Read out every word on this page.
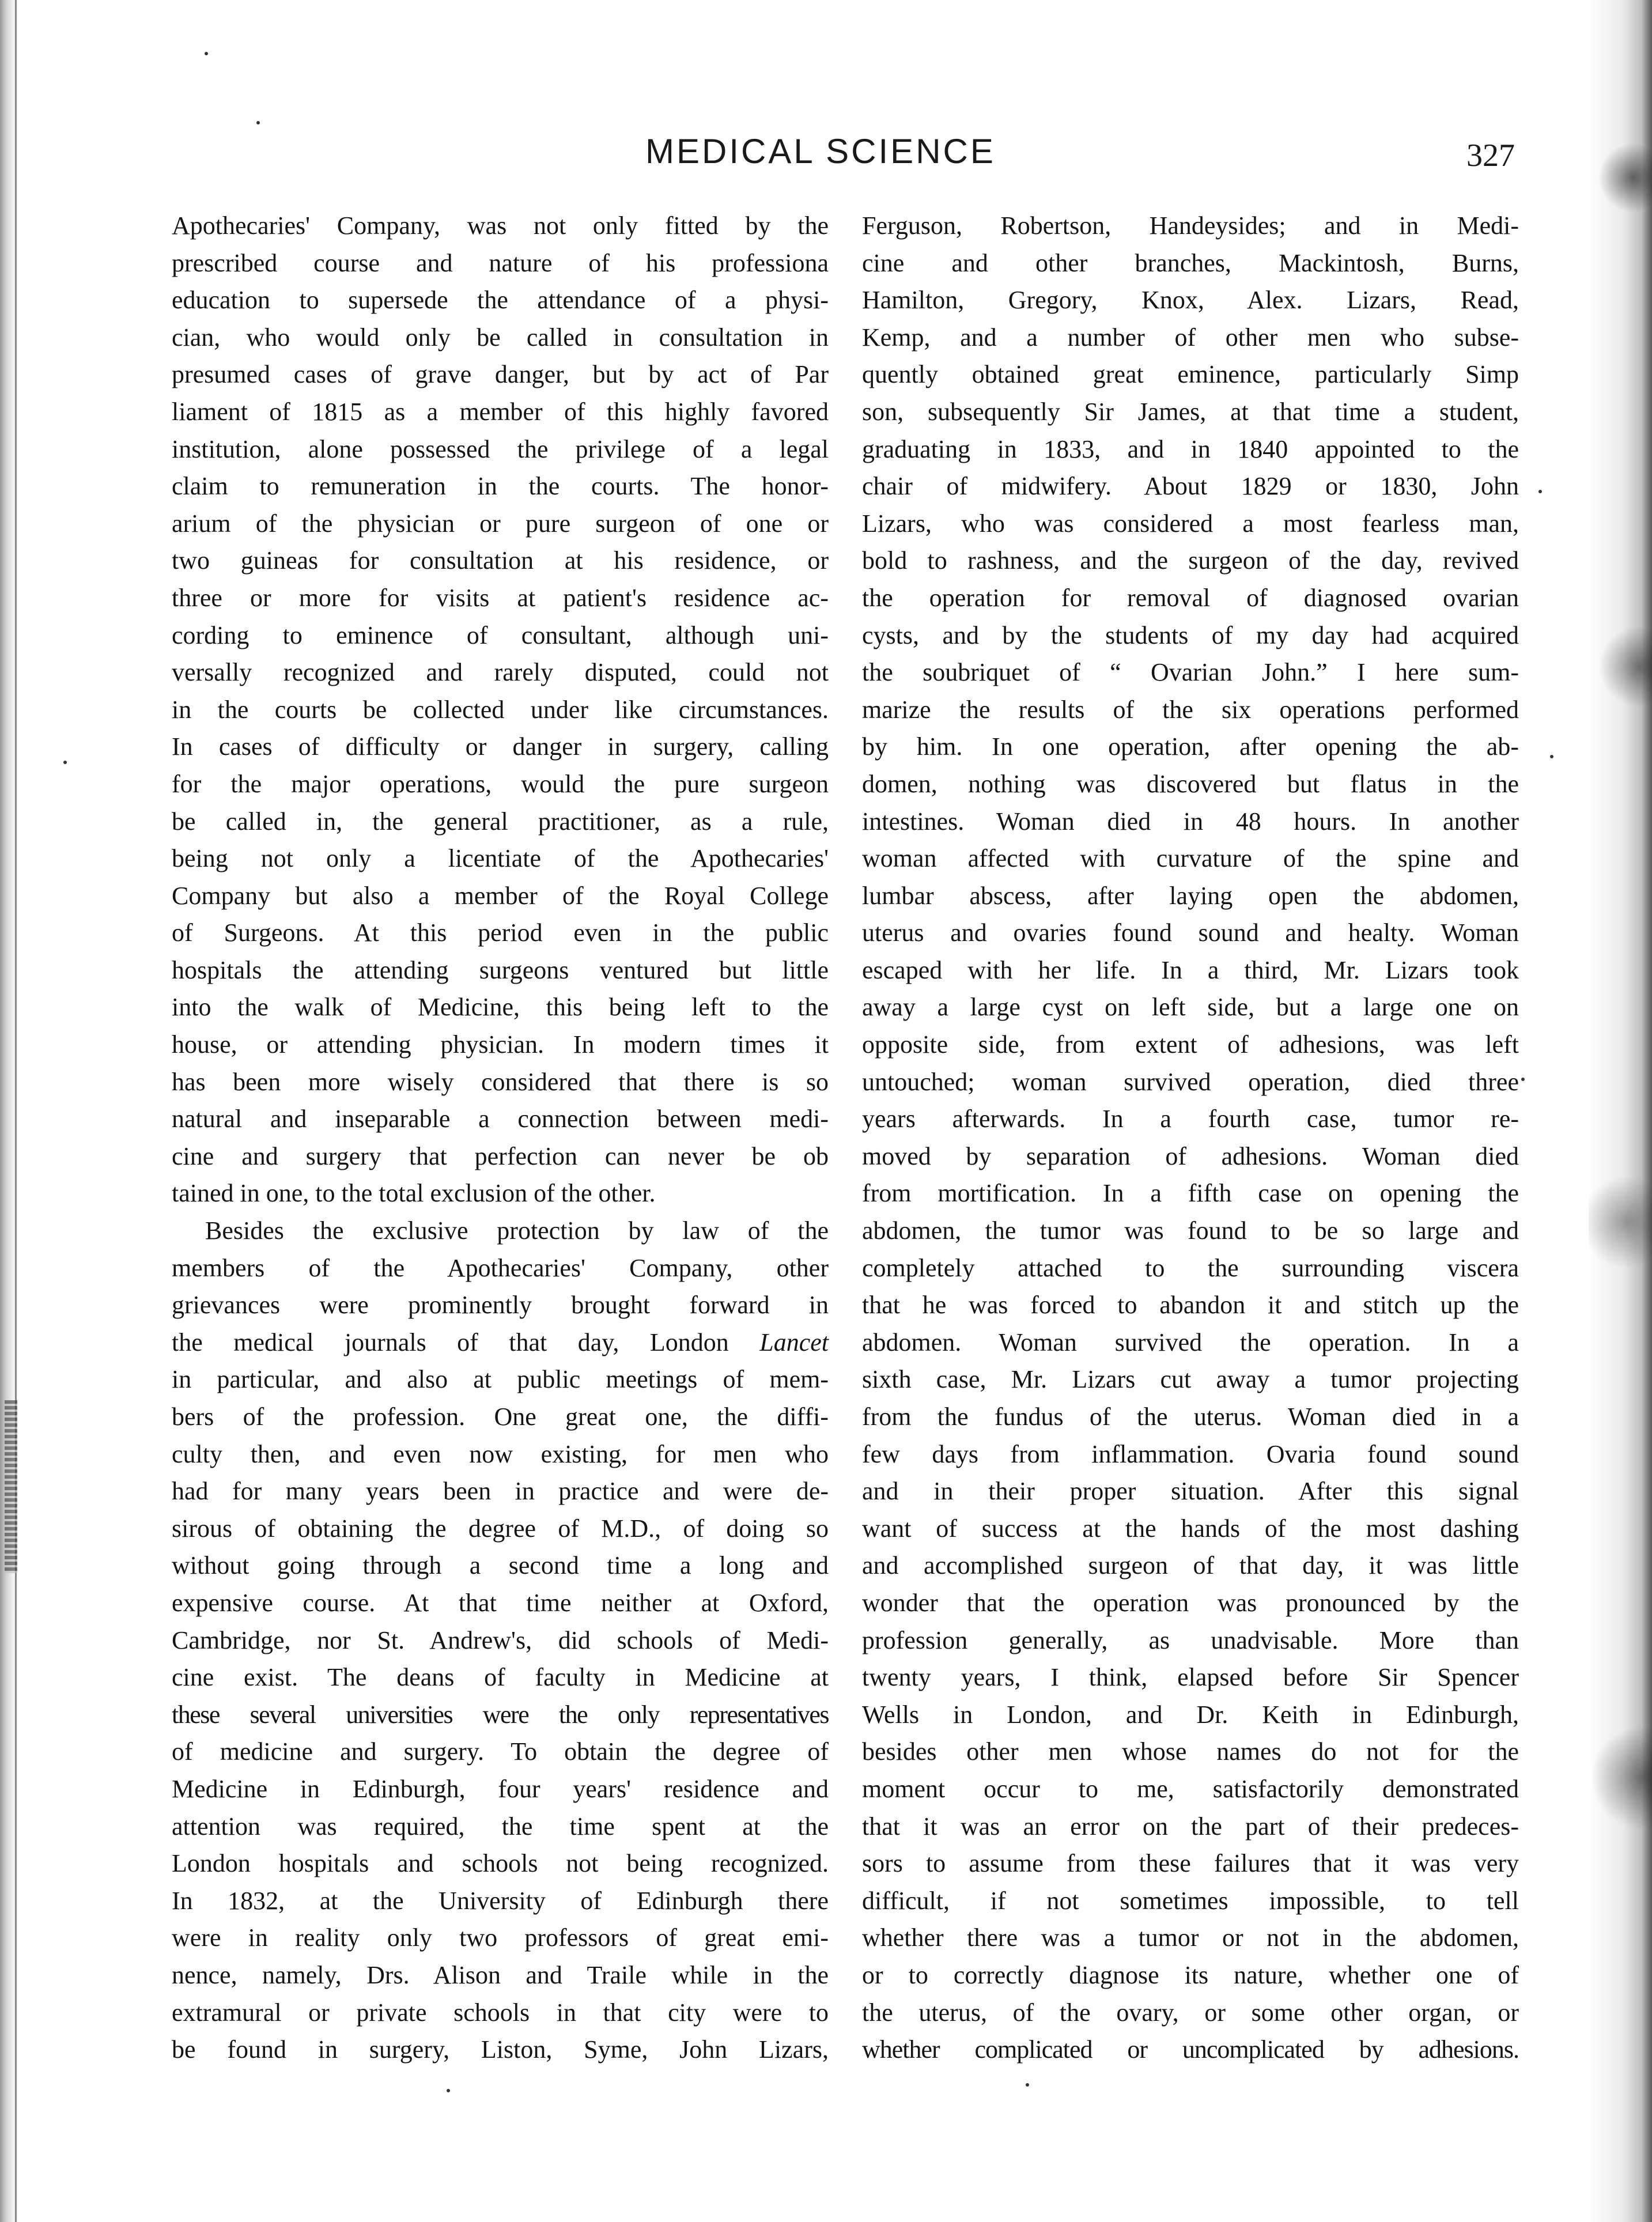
MEDICAL SCIENCE	327
Apothecaries' Company, was not only fitted by the
prescribed course and nature of his professiona
education to supersede the attendance of a physi-
cian, who would only be called in consultation in
presumed cases of grave danger, but by act of Par
liament of 1815 as a member of this highly favored
institution, alone possessed the privilege of a legal
claim to remuneration in the courts. The honor-
arium of the physician or pure surgeon of one or
two guineas for consultation at his residence, or
three or more for visits at patient's residence ac-
cording to eminence of consultant, although uni-
versally recognized and rarely disputed, could not
in the courts be collected under like circumstances.
In cases of difficulty or danger in surgery, calling
for the major operations, would the pure surgeon
be called in, the general practitioner, as a rule,
being not only a licentiate of the Apothecaries'
Company but also a member of the Royal College
of Surgeons. At this period even in the public
hospitals the attending surgeons ventured but little
into the walk of Medicine, this being left to the
house, or attending physician. In modern times it
has been more wisely considered that there is so
natural and inseparable a connection between medi-
cine and surgery that perfection can never be ob
tained in one, to the total exclusion of the other.
Besides the exclusive protection by law of the
members of the Apothecaries' Company, other
grievances were prominently brought forward in
the medical journals of that day, London Lancet
in particular, and also at public meetings of mem-
bers of the profession. One great one, the diffi-
culty then, and even now existing, for men who
had for many years been in practice and were de-
sirous of obtaining the degree of M.D., of doing so
without going through a second time a long and
expensive course. At that time neither at Oxford,
Cambridge, nor St. Andrew's, did schools of Medi-
cine exist. The deans of faculty in Medicine at
these several universities were the only representatives
of medicine and surgery. To obtain the degree of
Medicine in Edinburgh, four years' residence and
attention was required, the time spent at the
London hospitals and schools not being recognized.
In 1832, at the University of Edinburgh there
were in reality only two professors of great emi-
nence, namely, Drs. Alison and Traile while in the
extramural or private schools in that city were to
be found in surgery, Liston, Syme, John Lizars,
Ferguson, Robertson, Handeysides; and in Medi-
cine and other branches, Mackintosh, Burns,
Hamilton, Gregory, Knox, Alex. Lizars, Read,
Kemp, and a number of other men who subse-
quently obtained great eminence, particularly Simp
son, subsequently Sir James, at that time a student,
graduating in 1833, and in 1840 appointed to the
chair of midwifery. About 1829 or 1830, John
Lizars, who was considered a most fearless man,
bold to rashness, and the surgeon of the day, revived
the operation for removal of diagnosed ovarian
cysts, and by the students of my day had acquired
the soubriquet of “ Ovarian John.” I here sum-
marize the results of the six operations performed
by him. In one operation, after opening the ab-
domen, nothing was discovered but flatus in the
intestines. Woman died in 48 hours. In another
woman affected with curvature of the spine and
lumbar abscess, after laying open the abdomen,
uterus and ovaries found sound and healty. Woman
escaped with her life. In a third, Mr. Lizars took
away a large cyst on left side, but a large one on
opposite side, from extent of adhesions, was left
untouched; woman survived operation, died three
years afterwards. In a fourth case, tumor re-
moved by separation of adhesions. Woman died
from mortification. In a fifth case on opening the
abdomen, the tumor was found to be so large and
completely attached to the surrounding viscera
that he was forced to abandon it and stitch up the
abdomen. Woman survived the operation. In a
sixth case, Mr. Lizars cut away a tumor projecting
from the fundus of the uterus. Woman died in a
few days from inflammation. Ovaria found sound
and in their proper situation. After this signal
want of success at the hands of the most dashing
and accomplished surgeon of that day, it was little
wonder that the operation was pronounced by the
profession generally, as unadvisable. More than
twenty years, I think, elapsed before Sir Spencer
Wells in London, and Dr. Keith in Edinburgh,
besides other men whose names do not for the
moment occur to me, satisfactorily demonstrated
that it was an error on the part of their predeces-
sors to assume from these failures that it was very
difficult, if not sometimes impossible, to tell
whether there was a tumor or not in the abdomen,
or to correctly diagnose its nature, whether one of
the uterus, of the ovary, or some other organ, or
whether complicated or uncomplicated by adhesions.
